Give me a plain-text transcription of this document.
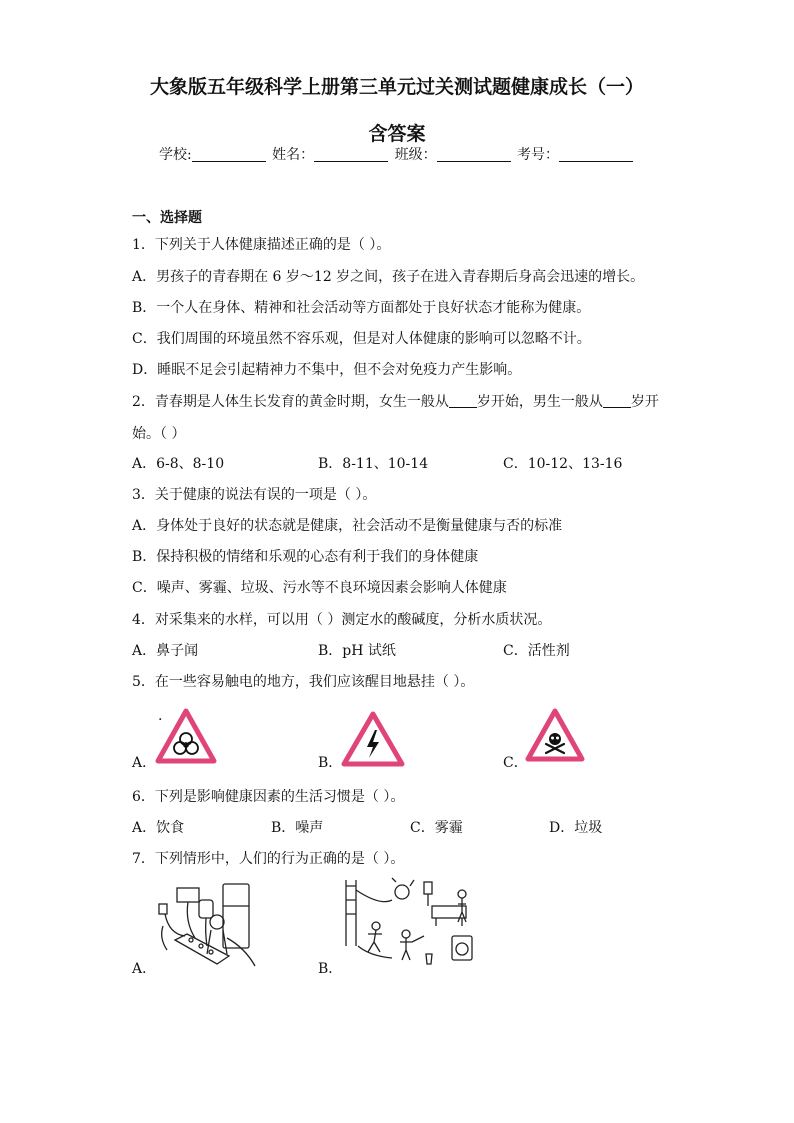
大象版五年级科学上册第三单元过关测试题健康成长（一）
含答案
学校:	姓名：	班级：	考号：
一、选择题
1．下列关于人体健康描述正确的是（ ）。
A．男孩子的青春期在 6 岁～12 岁之间，孩子在进入青春期后身高会迅速的增长。
B．一个人在身体、精神和社会活动等方面都处于良好状态才能称为健康。
C．我们周围的环境虽然不容乐观，但是对人体健康的影响可以忽略不计。
D．睡眠不足会引起精神力不集中，但不会对免疫力产生影响。
2．青春期是人体生长发育的黄金时期，女生一般从 岁开始，男生一般从 岁开
始。（ ）
A．6-8、8-10	B．8-11、10-14	C．10-12、13-16
3．关于健康的说法有误的一项是（ ）。
A．身体处于良好的状态就是健康，社会活动不是衡量健康与否的标准
B．保持积极的情绪和乐观的心态有利于我们的身体健康
C．噪声、雾霾、垃圾、污水等不良环境因素会影响人体健康
4．对采集来的水样，可以用（ ）测定水的酸碱度，分析水质状况。
A．鼻子闻	B．pH 试纸	C．活性剂
5．在一些容易触电的地方，我们应该醒目地悬挂（ ）。
.
A．	B．	C．
6．下列是影响健康因素的生活习惯是（ ）。
A．饮食	B．噪声	C．雾霾	D．垃圾
7．下列情形中，人们的行为正确的是（ ）。
A．	B．
